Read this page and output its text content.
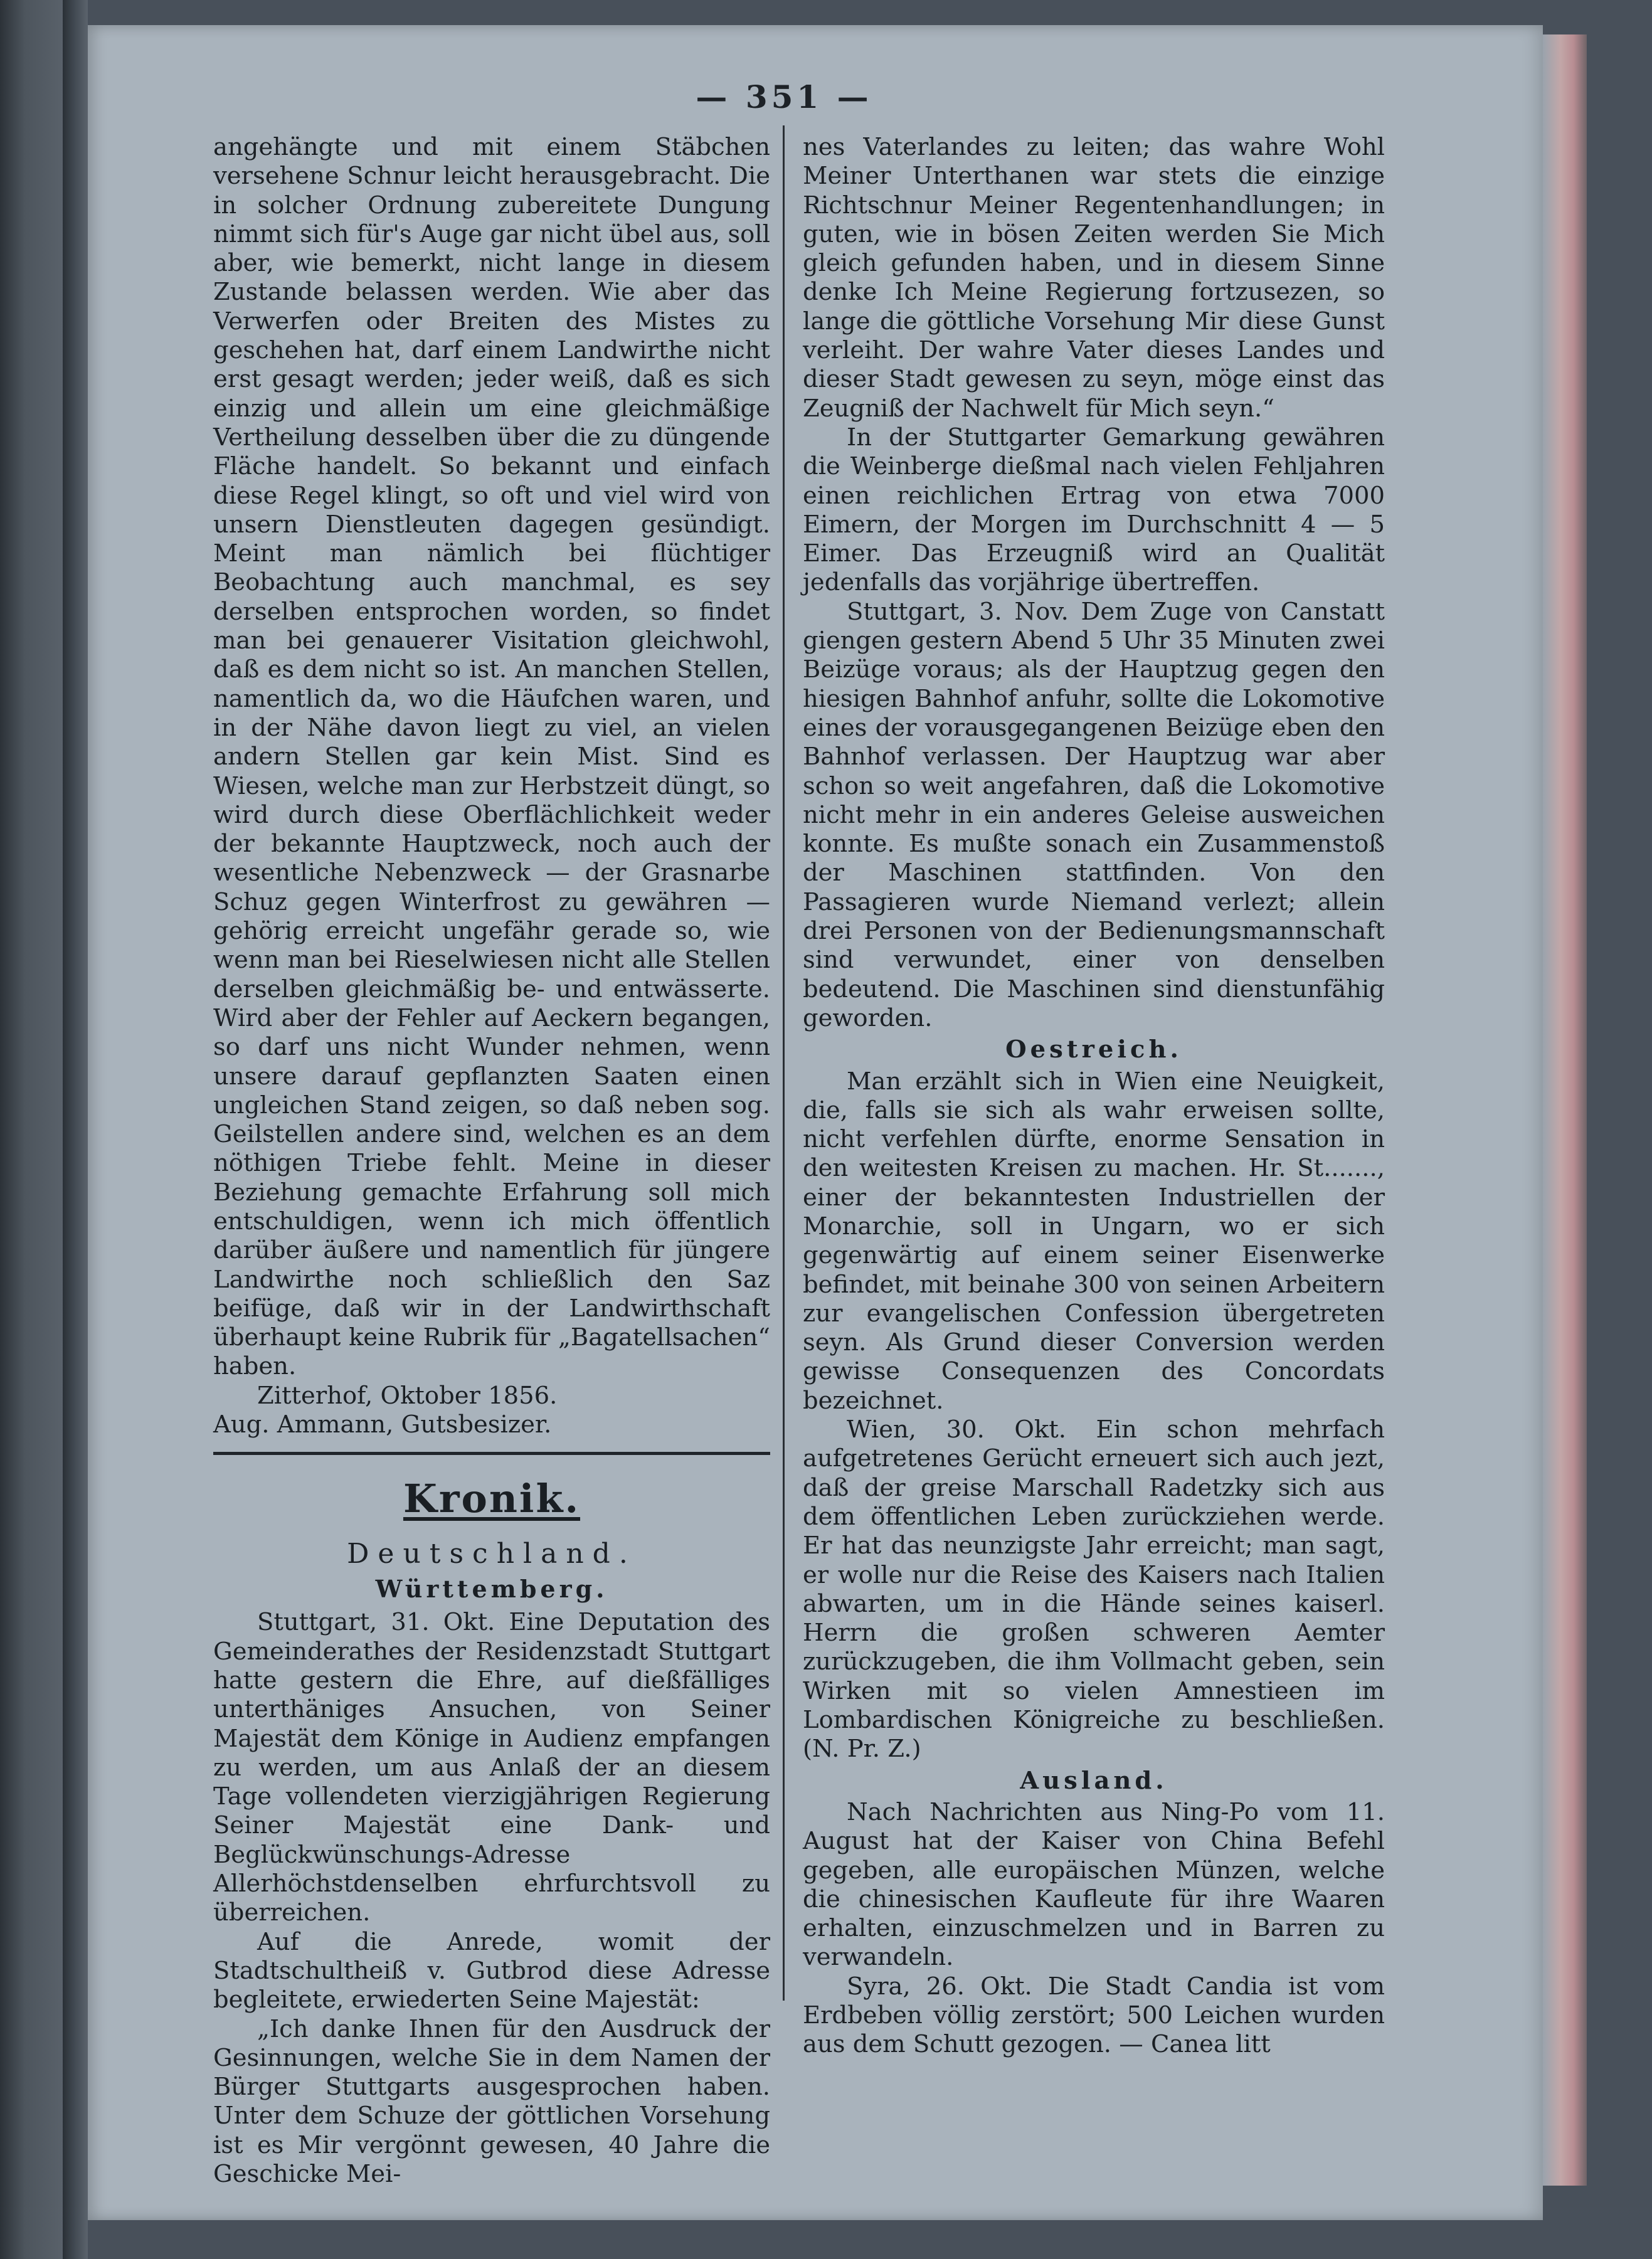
— 351 —

angehängte und mit einem Stäbchen versehene Schnur leicht herausgebracht. Die in solcher Ordnung zubereitete Dungung nimmt sich für's Auge gar nicht übel aus, soll aber, wie bemerkt, nicht lange in diesem Zustande belassen werden. Wie aber das Verwerfen oder Breiten des Mistes zu geschehen hat, darf einem Landwirthe nicht erst gesagt werden; jeder weiß, daß es sich einzig und allein um eine gleichmäßige Vertheilung desselben über die zu düngende Fläche handelt. So bekannt und einfach diese Regel klingt, so oft und viel wird von unsern Dienstleuten dagegen gesündigt. Meint man nämlich bei flüchtiger Beobachtung auch manchmal, es sey derselben entsprochen worden, so findet man bei genauerer Visitation gleichwohl, daß es dem nicht so ist. An manchen Stellen, namentlich da, wo die Häufchen waren, und in der Nähe davon liegt zu viel, an vielen andern Stellen gar kein Mist. Sind es Wiesen, welche man zur Herbstzeit düngt, so wird durch diese Oberflächlichkeit weder der bekannte Hauptzweck, noch auch der wesentliche Nebenzweck — der Grasnarbe Schuz gegen Winterfrost zu gewähren — gehörig erreicht ungefähr gerade so, wie wenn man bei Rieselwiesen nicht alle Stellen derselben gleichmäßig be- und entwässerte. Wird aber der Fehler auf Aeckern begangen, so darf uns nicht Wunder nehmen, wenn unsere darauf gepflanzten Saaten einen ungleichen Stand zeigen, so daß neben sog. Geilstellen andere sind, welchen es an dem nöthigen Triebe fehlt. Meine in dieser Beziehung gemachte Erfahrung soll mich entschuldigen, wenn ich mich öffentlich darüber äußere und namentlich für jüngere Landwirthe noch schließlich den Saz beifüge, daß wir in der Landwirthschaft überhaupt keine Rubrik für „Bagatellsachen“ haben.

Zitterhof, Oktober 1856.

Aug. Ammann, Gutsbesizer.

Kronik.
Deutschland.
Württemberg.

Stuttgart, 31. Okt. Eine Deputation des Gemeinderathes der Residenzstadt Stuttgart hatte gestern die Ehre, auf dießfälliges unterthäniges Ansuchen, von Seiner Majestät dem Könige in Audienz empfangen zu werden, um aus Anlaß der an diesem Tage vollendeten vierzigjährigen Regierung Seiner Majestät eine Dank- und Beglückwünschungs-Adresse Allerhöchstdenselben ehrfurchtsvoll zu überreichen.

Auf die Anrede, womit der Stadtschultheiß v. Gutbrod diese Adresse begleitete, erwiederten Seine Majestät:

„Ich danke Ihnen für den Ausdruck der Gesinnungen, welche Sie in dem Namen der Bürger Stuttgarts ausgesprochen haben. Unter dem Schuze der göttlichen Vorsehung ist es Mir vergönnt gewesen, 40 Jahre die Geschicke Mei-

nes Vaterlandes zu leiten; das wahre Wohl Meiner Unterthanen war stets die einzige Richtschnur Meiner Regentenhandlungen; in guten, wie in bösen Zeiten werden Sie Mich gleich gefunden haben, und in diesem Sinne denke Ich Meine Regierung fortzusezen, so lange die göttliche Vorsehung Mir diese Gunst verleiht. Der wahre Vater dieses Landes und dieser Stadt gewesen zu seyn, möge einst das Zeugniß der Nachwelt für Mich seyn.“

In der Stuttgarter Gemarkung gewähren die Weinberge dießmal nach vielen Fehljahren einen reichlichen Ertrag von etwa 7000 Eimern, der Morgen im Durchschnitt 4 — 5 Eimer. Das Erzeugniß wird an Qualität jedenfalls das vorjährige übertreffen.

Stuttgart, 3. Nov. Dem Zuge von Canstatt giengen gestern Abend 5 Uhr 35 Minuten zwei Beizüge voraus; als der Hauptzug gegen den hiesigen Bahnhof anfuhr, sollte die Lokomotive eines der vorausgegangenen Beizüge eben den Bahnhof verlassen. Der Hauptzug war aber schon so weit angefahren, daß die Lokomotive nicht mehr in ein anderes Geleise ausweichen konnte. Es mußte sonach ein Zusammenstoß der Maschinen stattfinden. Von den Passagieren wurde Niemand verlezt; allein drei Personen von der Bedienungsmannschaft sind verwundet, einer von denselben bedeutend. Die Maschinen sind dienstunfähig geworden.

Oestreich.

Man erzählt sich in Wien eine Neuigkeit, die, falls sie sich als wahr erweisen sollte, nicht verfehlen dürfte, enorme Sensation in den weitesten Kreisen zu machen. Hr. St......., einer der bekanntesten Industriellen der Monarchie, soll in Ungarn, wo er sich gegenwärtig auf einem seiner Eisenwerke befindet, mit beinahe 300 von seinen Arbeitern zur evangelischen Confession übergetreten seyn. Als Grund dieser Conversion werden gewisse Consequenzen des Concordats bezeichnet.

Wien, 30. Okt. Ein schon mehrfach aufgetretenes Gerücht erneuert sich auch jezt, daß der greise Marschall Radetzky sich aus dem öffentlichen Leben zurückziehen werde. Er hat das neunzigste Jahr erreicht; man sagt, er wolle nur die Reise des Kaisers nach Italien abwarten, um in die Hände seines kaiserl. Herrn die großen schweren Aemter zurückzugeben, die ihm Vollmacht geben, sein Wirken mit so vielen Amnestieen im Lombardischen Königreiche zu beschließen. (N. Pr. Z.)

Ausland.

Nach Nachrichten aus Ning-Po vom 11. August hat der Kaiser von China Befehl gegeben, alle europäischen Münzen, welche die chinesischen Kaufleute für ihre Waaren erhalten, einzuschmelzen und in Barren zu verwandeln.

Syra, 26. Okt. Die Stadt Candia ist vom Erdbeben völlig zerstört; 500 Leichen wurden aus dem Schutt gezogen. — Canea litt
